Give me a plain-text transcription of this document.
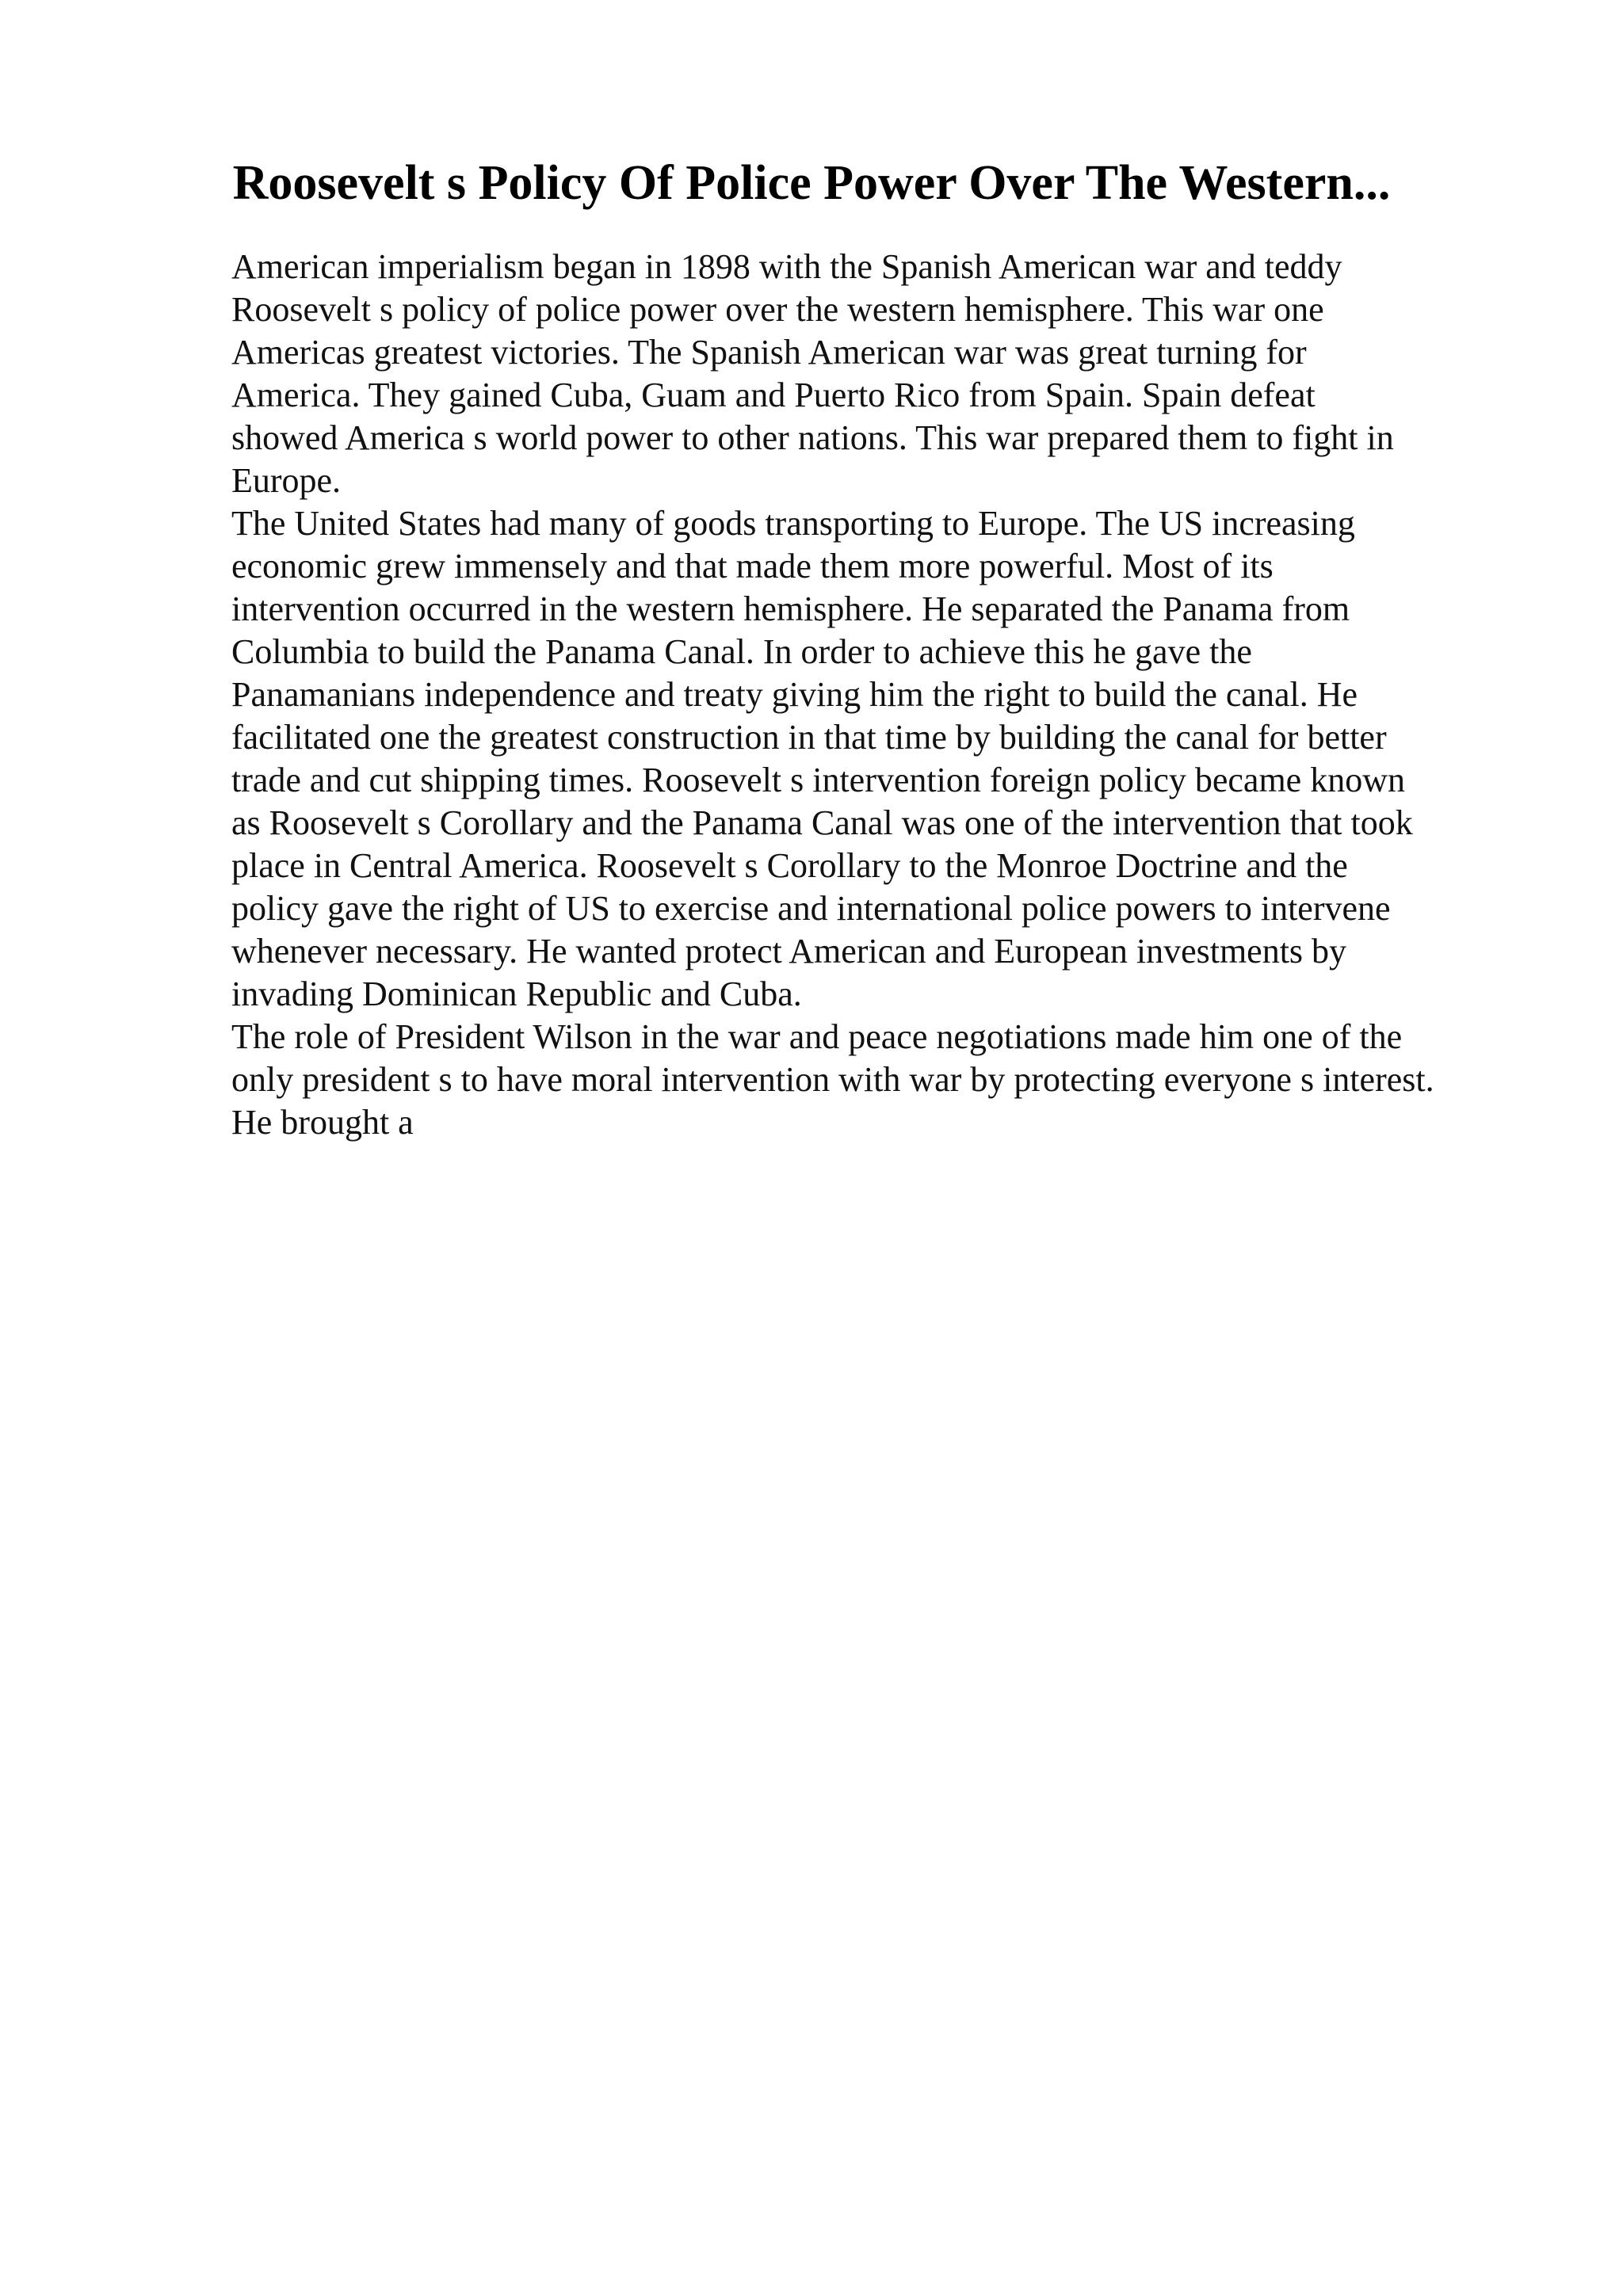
Roosevelt s Policy Of Police Power Over The Western...
American imperialism began in 1898 with the Spanish American war and teddy
Roosevelt s policy of police power over the western hemisphere. This war one
Americas greatest victories. The Spanish American war was great turning for
America. They gained Cuba, Guam and Puerto Rico from Spain. Spain defeat
showed America s world power to other nations. This war prepared them to fight in
Europe.
The United States had many of goods transporting to Europe. The US increasing
economic grew immensely and that made them more powerful. Most of its
intervention occurred in the western hemisphere. He separated the Panama from
Columbia to build the Panama Canal. In order to achieve this he gave the
Panamanians independence and treaty giving him the right to build the canal. He
facilitated one the greatest construction in that time by building the canal for better
trade and cut shipping times. Roosevelt s intervention foreign policy became known
as Roosevelt s Corollary and the Panama Canal was one of the intervention that took
place in Central America. Roosevelt s Corollary to the Monroe Doctrine and the
policy gave the right of US to exercise and international police powers to intervene
whenever necessary. He wanted protect American and European investments by
invading Dominican Republic and Cuba.
The role of President Wilson in the war and peace negotiations made him one of the
only president s to have moral intervention with war by protecting everyone s interest.
He brought a
